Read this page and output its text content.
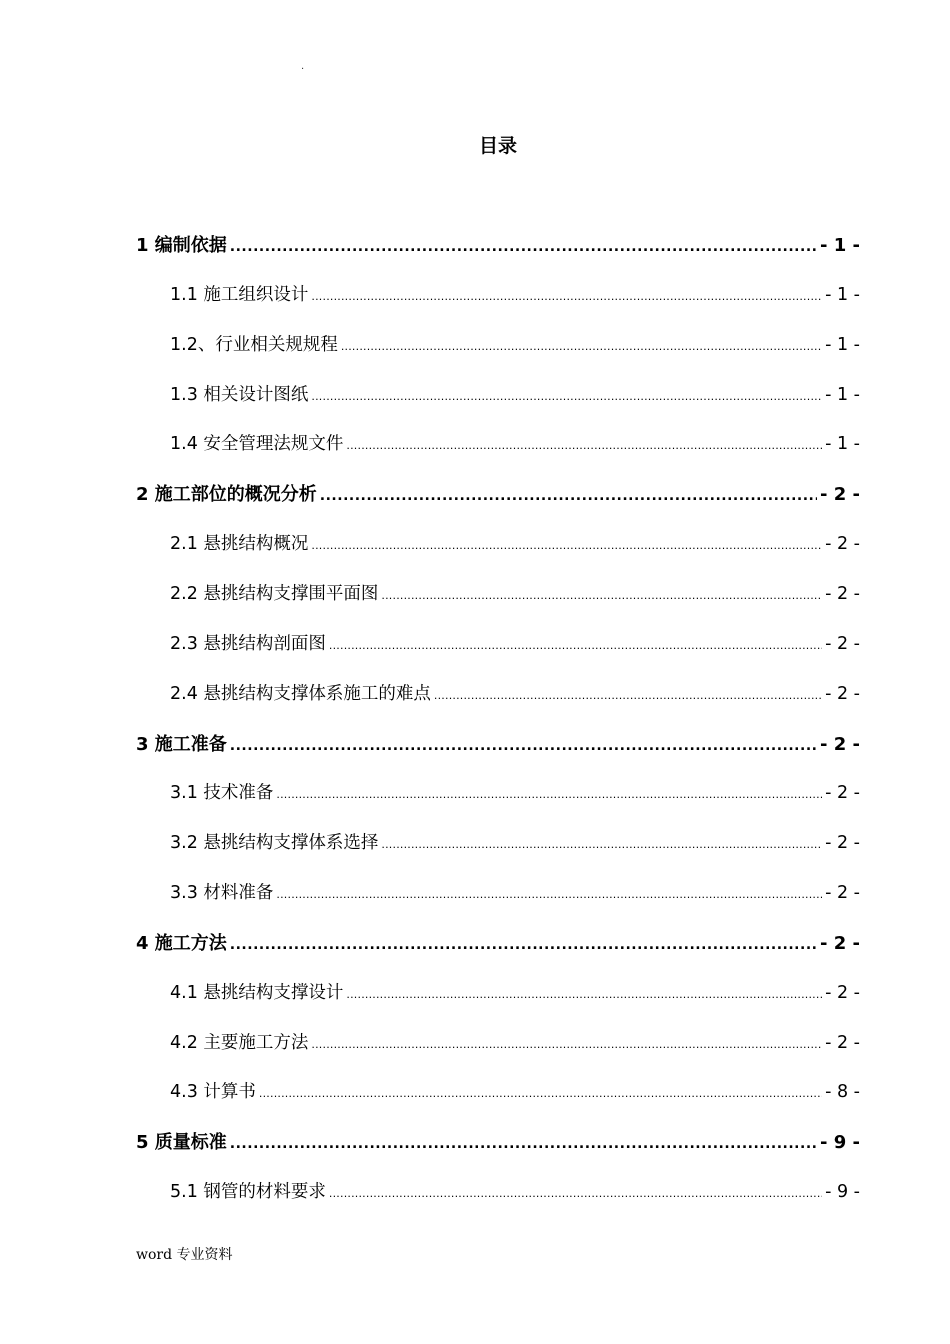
.
目录
1 编制依据 .....	- 1 -
1.1 施工组织设计 .....	- 1 -
1.2、行业相关规规程 .....	- 1 -
1.3 相关设计图纸 .....	- 1 -
1.4 安全管理法规文件 .....	- 1 -
2 施工部位的概况分析 .....	- 2 -
2.1 悬挑结构概况 .....	- 2 -
2.2 悬挑结构支撑围平面图 .....	- 2 -
2.3 悬挑结构剖面图 .....	- 2 -
2.4 悬挑结构支撑体系施工的难点 .....	- 2 -
3 施工准备 .....	- 2 -
3.1 技术准备 .....	- 2 -
3.2 悬挑结构支撑体系选择 .....	- 2 -
3.3 材料准备 .....	- 2 -
4 施工方法 .....	- 2 -
4.1 悬挑结构支撑设计 .....	- 2 -
4.2 主要施工方法 .....	- 2 -
4.3 计算书 .....	- 8 -
5 质量标准 .....	- 9 -
5.1 钢管的材料要求 .....	- 9 -
word 专业资料
